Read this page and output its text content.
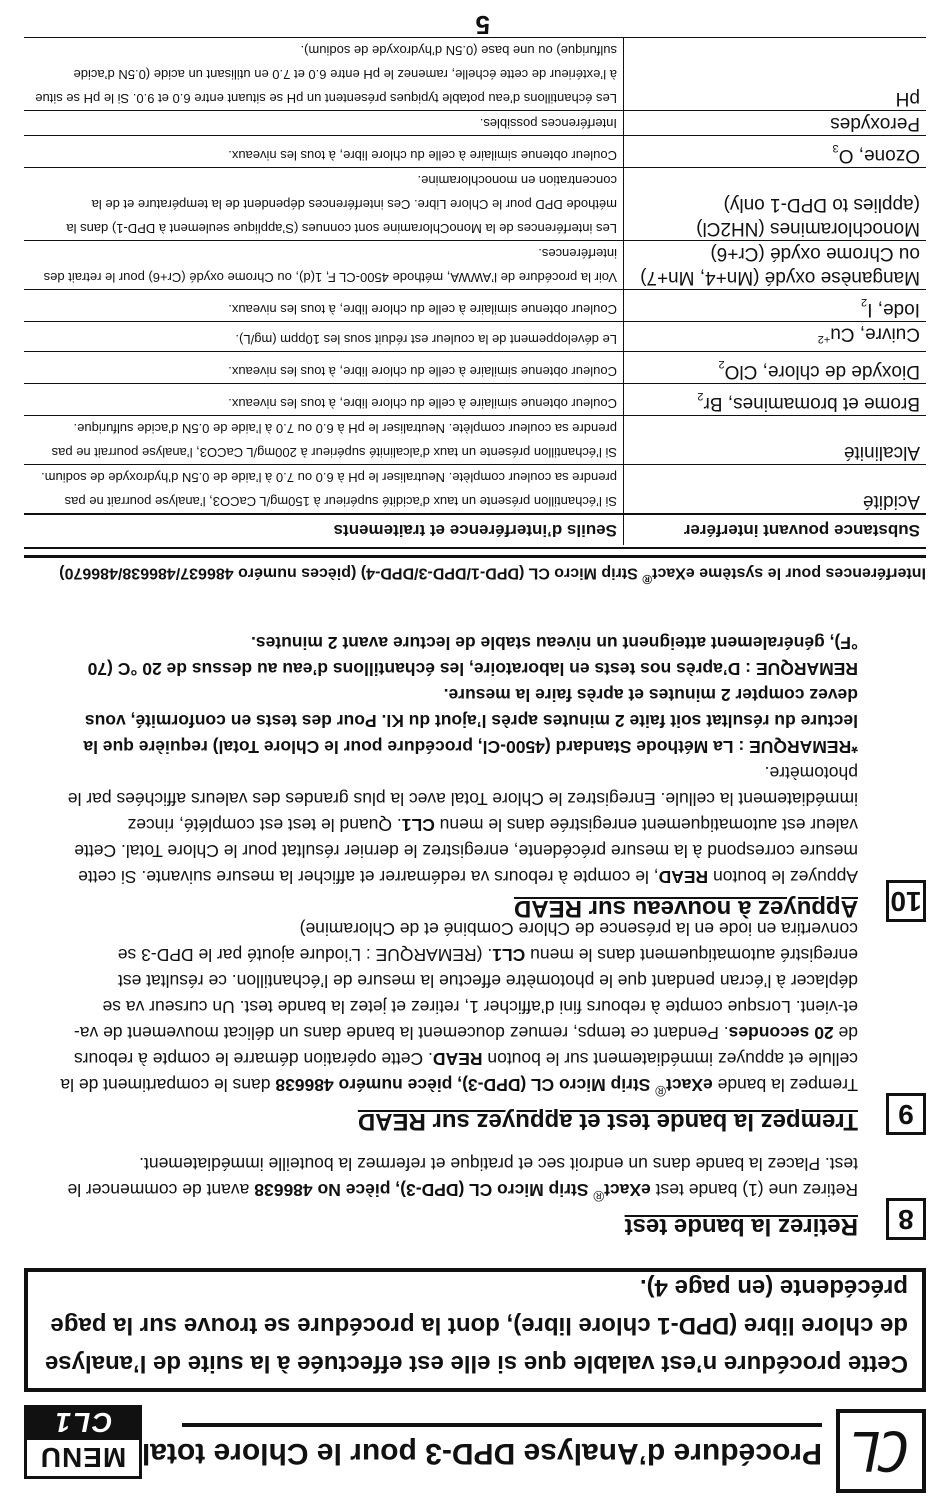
CL
Procédure d’Analyse DPD-3 pour le Chlore total
MENU
CL1
Cette procédure n’est valable que si elle est effectuée à la suite de l’analyse de chlore libre (DPD-1 chlore libre), dont la procédure se trouve sur la page précédente (en page 4).
8
Retirez la bande test
Retirez une (1) bande test eXact® Strip Micro CL (DPD-3), pièce No 486638 avant de commencer le test. Placez la bande dans un endroit sec et pratique et refermez la bouteille immédiatement.
9
Trempez la bande test et appuyez sur READ
Trempez la bande eXact® Strip Micro CL (DPD-3), pièce numéro 486638 dans le compartiment de la cellule et appuyez immédiatement sur le bouton READ. Cette opération démarre le compte à rebours de 20 secondes. Pendant ce temps, remuez doucement la bande dans un délicat mouvement de va-et-vient. Lorsque compte à rebours fini d’afficher 1, retirez et jetez la bande test. Un curseur va se déplacer à l’écran pendant que le photomètre effectue la mesure de l’échantillon. ce résultat est enregistré automatiquement dans le menu CL1. (REMARQUE : L’iodure ajouté par le DPD-3 se convertira en iode en la présence de Chlore Combiné et de Chloramine)
10
Appuyez à nouveau sur READ
Appuyez le bouton READ, le compte à rebours va redémarrer et afficher la mesure suivante. Si cette mesure correspond à la mesure précédente, enregistrez le dernier résultat pour le Chlore Total. Cette valeur est automatiquement enregistrée dans le menu CL1. Quand le test est complété, rincez immédiatement la cellule. Enregistrez le Chlore Total avec la plus grandes des valeurs affichées par le photomètre.
*REMARQUE : La Méthode Standard (4500-Cl, procédure pour le Chlore Total) requière que la lecture du résultat soit faite 2 minutes après l’ajout du KI. Pour des tests en conformité, vous devez compter 2 minutes et après faire la mesure.
REMARQUE : D’après nos tests en laboratoire, les échantillons d’eau au dessus de 20 °C (70 °F), généralement atteignent un niveau stable de lecture avant 2 minutes.
Interférences pour le système eXact® Strip Micro CL (DPD-1/DPD-3/DPD-4) (pièces numéro 486637/486638/486670)
Substance pouvant interférer	Seuils d’interférence et traitements
Acidité	Si l’échantillon présente un taux d’acidité supérieur à 150mg/L CaCO3, l’analyse pourrait ne pas prendre sa couleur complète. Neutraliser le pH à 6.0 ou 7.0 à l’aide de 0.5N d’hydroxyde de sodium.
Alcalinité	Si l’échantillon présente un taux d’alcalinité supérieur à 200mg/L CaCO3, l’analyse pourrait ne pas prendre sa couleur complète. Neutraliser le pH à 6.0 ou 7.0 à l’aide de 0.5N d’acide sulfurique.
Brome et bromamines, $Br_2$	Couleur obtenue similaire à celle du chlore libre, à tous les niveaux.
Dioxyde de chlore, ClO$_2$	Couleur obtenue similaire à celle du chlore libre, à tous les niveaux.
Cuivre, $Cu^{+2}$	Le développement de la couleur est réduit sous les 10ppm (mg/L).
Iode, $I_2$	Couleur obtenue similaire à celle du chlore libre, à tous les niveaux.
Manganèse oxydé (Mn+4, Mn+7) ou Chrome oxydé (Cr+6)	Voir la procédure de l’AWWA, méthode 4500-CL F, 1(d), ou Chrome oxydé (Cr+6) pour le retrait des interférences.
Monochloramines (NH2Cl) (applies to DPD-1 only)	Les interférences de la MonoChloramine sont connues (S’applique seulement à DPD-1) dans la méthode DPD pour le Chlore Libre. Ces interférences dépendent de la température et de la concentration en monochloramine.
Ozone, $O_3$	Couleur obtenue similaire à celle du chlore libre, à tous les niveaux.
Peroxydes	Interférences possibles.
pH	Les échantillons d’eau potable typiques présentent un pH se situant entre 6.0 et 9.0. Si le pH se situe à l’extérieur de cette échelle, ramenez le pH entre 6.0 et 7.0 en utilisant un acide (0.5N d’acide sulfurique) ou une base (0.5N d’hydroxyde de sodium).
5
